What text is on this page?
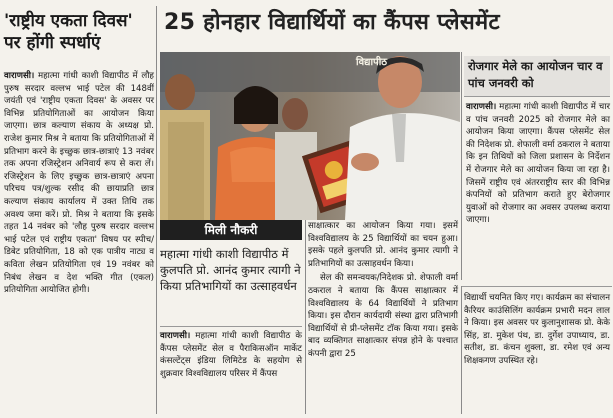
'राष्ट्रीय एकता दिवस' पर होंगी स्पर्धाएं
वाराणसी। महात्मा गांधी काशी विद्यापीठ में लौह पुरुष सरदार वल्लभ भाई पटेल की 148वीं जयंती एवं 'राष्ट्रीय एकता दिवस' के अवसर पर विभिन्न प्रतियोगिताओं का आयोजन किया जाएगा। छात्र कल्याण संकाय के अध्यक्ष प्रो. राजेश कुमार मिश्र ने बताया कि प्रतियोगिताओं में प्रतिभाग करने के इच्छुक छात्र-छात्राएं 13 नवंबर तक अपना रजिस्ट्रेशन अनिवार्य रूप से करा लें। रजिस्ट्रेशन के लिए इच्छुक छात्र-छात्राएं अपना परिचय पत्र/शुल्क रसीद की छायाप्रति छात्र कल्याण संकाय कार्यालय में उक्त तिथि तक अवश्य जमा करें। प्रो. मिश्र ने बताया कि इसके तहत 14 नवंबर को 'लौह पुरुष सरदार वल्लभ भाई पटेल एवं राष्ट्रीय एकता' विषय पर स्पीच/डिबेट प्रतियोगिता, 18 को एक पात्रीय नाट्य व कविता लेखन प्रतियोगिता एवं 19 नवंबर को निबंध लेखन व देश भक्ति गीत (एकल) प्रतियोगिता आयोजित होगी।
25 होनहार विद्यार्थियों का कैंपस प्लेसमेंट
विद्यापीठ
मिली नौकरी
महात्मा गांधी काशी विद्यापीठ में कुलपति प्रो. आनंद कुमार त्यागी ने किया प्रतिभागियों का उत्साहवर्धन
वाराणसी। महात्मा गांधी काशी विद्यापीठ के कैंपस प्लेसमेंट सेल व पैराकिसऑन मार्केट कंसल्टेंट्स इंडिया लिमिटेड के सहयोग से शुक्रवार विश्वविद्यालय परिसर में कैंपस
साक्षात्कार का आयोजन किया गया। इसमें विश्वविद्यालय के 25 विद्यार्थियों का चयन हुआ। इसके पहले कुलपति प्रो. आनंद कुमार त्यागी ने प्रतिभागियों का उत्साहवर्धन किया।
सेल की समन्वयक/निदेशक प्रो. शेफाली वर्मा ठकराल ने बताया कि कैंपस साक्षात्कार में विश्वविद्यालय के 64 विद्यार्थियों ने प्रतिभाग किया। इस दौरान कार्यदायी संस्था द्वारा प्रतिभागी विद्यार्थियों से प्री-प्लेसमेंट टॉक किया गया। इसके बाद व्यक्तिगत साक्षात्कार संपन्न होने के पश्चात कंपनी द्वारा 25
रोजगार मेले का आयोजन चार व पांच जनवरी को
वाराणसी। महात्मा गांधी काशी विद्यापीठ में चार व पांच जनवरी 2025 को रोजगार मेले का आयोजन किया जाएगा। कैंपस प्लेसमेंट सेल की निदेशक प्रो. शेफाली वर्मा ठकराल ने बताया कि इन तिथियों को जिला प्रशासन के निर्देशन में रोजगार मेले का आयोजन किया जा रहा है। जिसमें राष्ट्रीय एवं अंतरराष्ट्रीय स्तर की विभिन्न कंपनियों को प्रतिभाग कराते हुए बेरोजगार युवाओं को रोजगार का अवसर उपलब्ध कराया जाएगा।
विद्यार्थी चयनित किए गए। कार्यक्रम का संचालन कैरियर काउंसिलिंग कार्यक्रम प्रभारी मदन लाल ने किया। इस अवसर पर कुलानुशासक प्रो. केके सिंह, डा. मुकेश पंथ, डा. दुर्गेश उपाध्याय, डा. सतीश, डा. कंचन शुक्ला, डा. रमेश एवं अन्य शिक्षकगण उपस्थित रहे।
